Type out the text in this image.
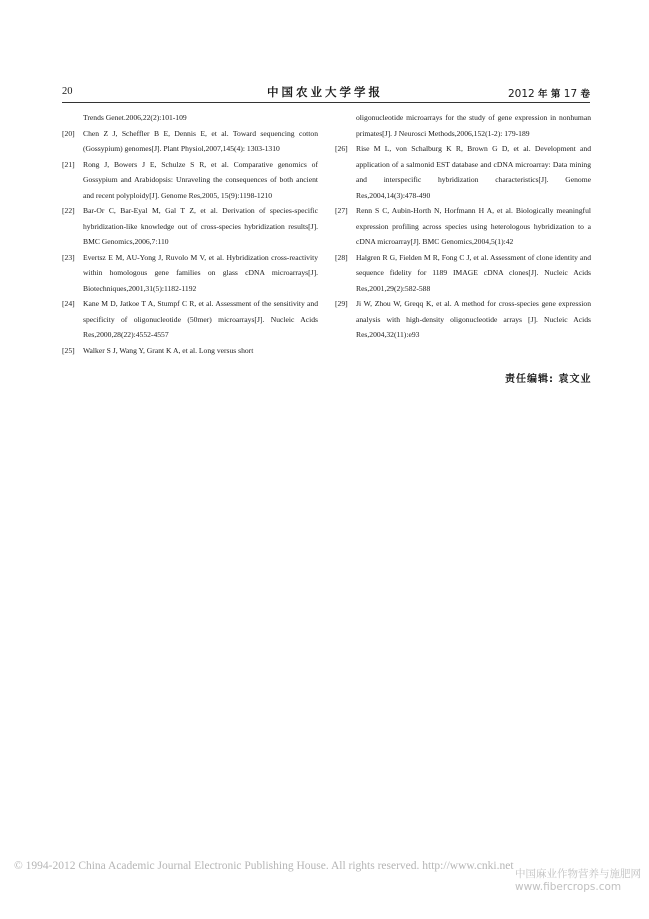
20	中国农业大学学报	2012 年 第 17 卷
Trends Genet.2006,22(2):101-109
[20] Chen Z J, Scheffler B E, Dennis E, et al. Toward sequencing cotton (Gossypium) genomes[J]. Plant Physiol,2007,145(4): 1303-1310
[21] Rong J, Bowers J E, Schulze S R, et al. Comparative genomics of Gossypium and Arabidopsis: Unraveling the consequences of both ancient and recent polyploidy[J]. Genome Res,2005, 15(9):1198-1210
[22] Bar-Or C, Bar-Eyal M, Gal T Z, et al. Derivation of species-specific hybridization-like knowledge out of cross-species hybridization results[J]. BMC Genomics,2006,7:110
[23] Evertsz E M, AU-Yong J, Ruvolo M V, et al. Hybridization cross-reactivity within homologous gene families on glass cDNA microarrays[J]. Biotechniques,2001,31(5):1182-1192
[24] Kane M D, Jatkoe T A, Stumpf C R, et al. Assessment of the sensitivity and specificity of oligonucleotide (50mer) microarrays[J]. Nucleic Acids Res,2000,28(22):4552-4557
[25] Walker S J, Wang Y, Grant K A, et al. Long versus short
oligonucleotide microarrays for the study of gene expression in nonhuman primates[J]. J Neurosci Methods,2006,152(1-2): 179-189
[26] Rise M L, von Schalburg K R, Brown G D, et al. Development and application of a salmonid EST database and cDNA microarray: Data mining and interspecific hybridization characteristics[J]. Genome Res,2004,14(3):478-490
[27] Renn S C, Aubin-Horth N, Horfmann H A, et al. Biologically meaningful expression profiling across species using heterologous hybridization to a cDNA microarray[J]. BMC Genomics,2004,5(1):42
[28] Halgren R G, Fielden M R, Fong C J, et al. Assessment of clone identity and sequence fidelity for 1189 IMAGE cDNA clones[J]. Nucleic Acids Res,2001,29(2):582-588
[29] Ji W, Zhou W, Greqq K, et al. A method for cross-species gene expression analysis with high-density oligonucleotide arrays [J]. Nucleic Acids Res,2004,32(11):e93
责任编辑: 袁文业
© 1994-2012 China Academic Journal Electronic Publishing House. All rights reserved. http://www.cnki.net
中国麻业作物营养与施肥网
www.fibercrops.com
